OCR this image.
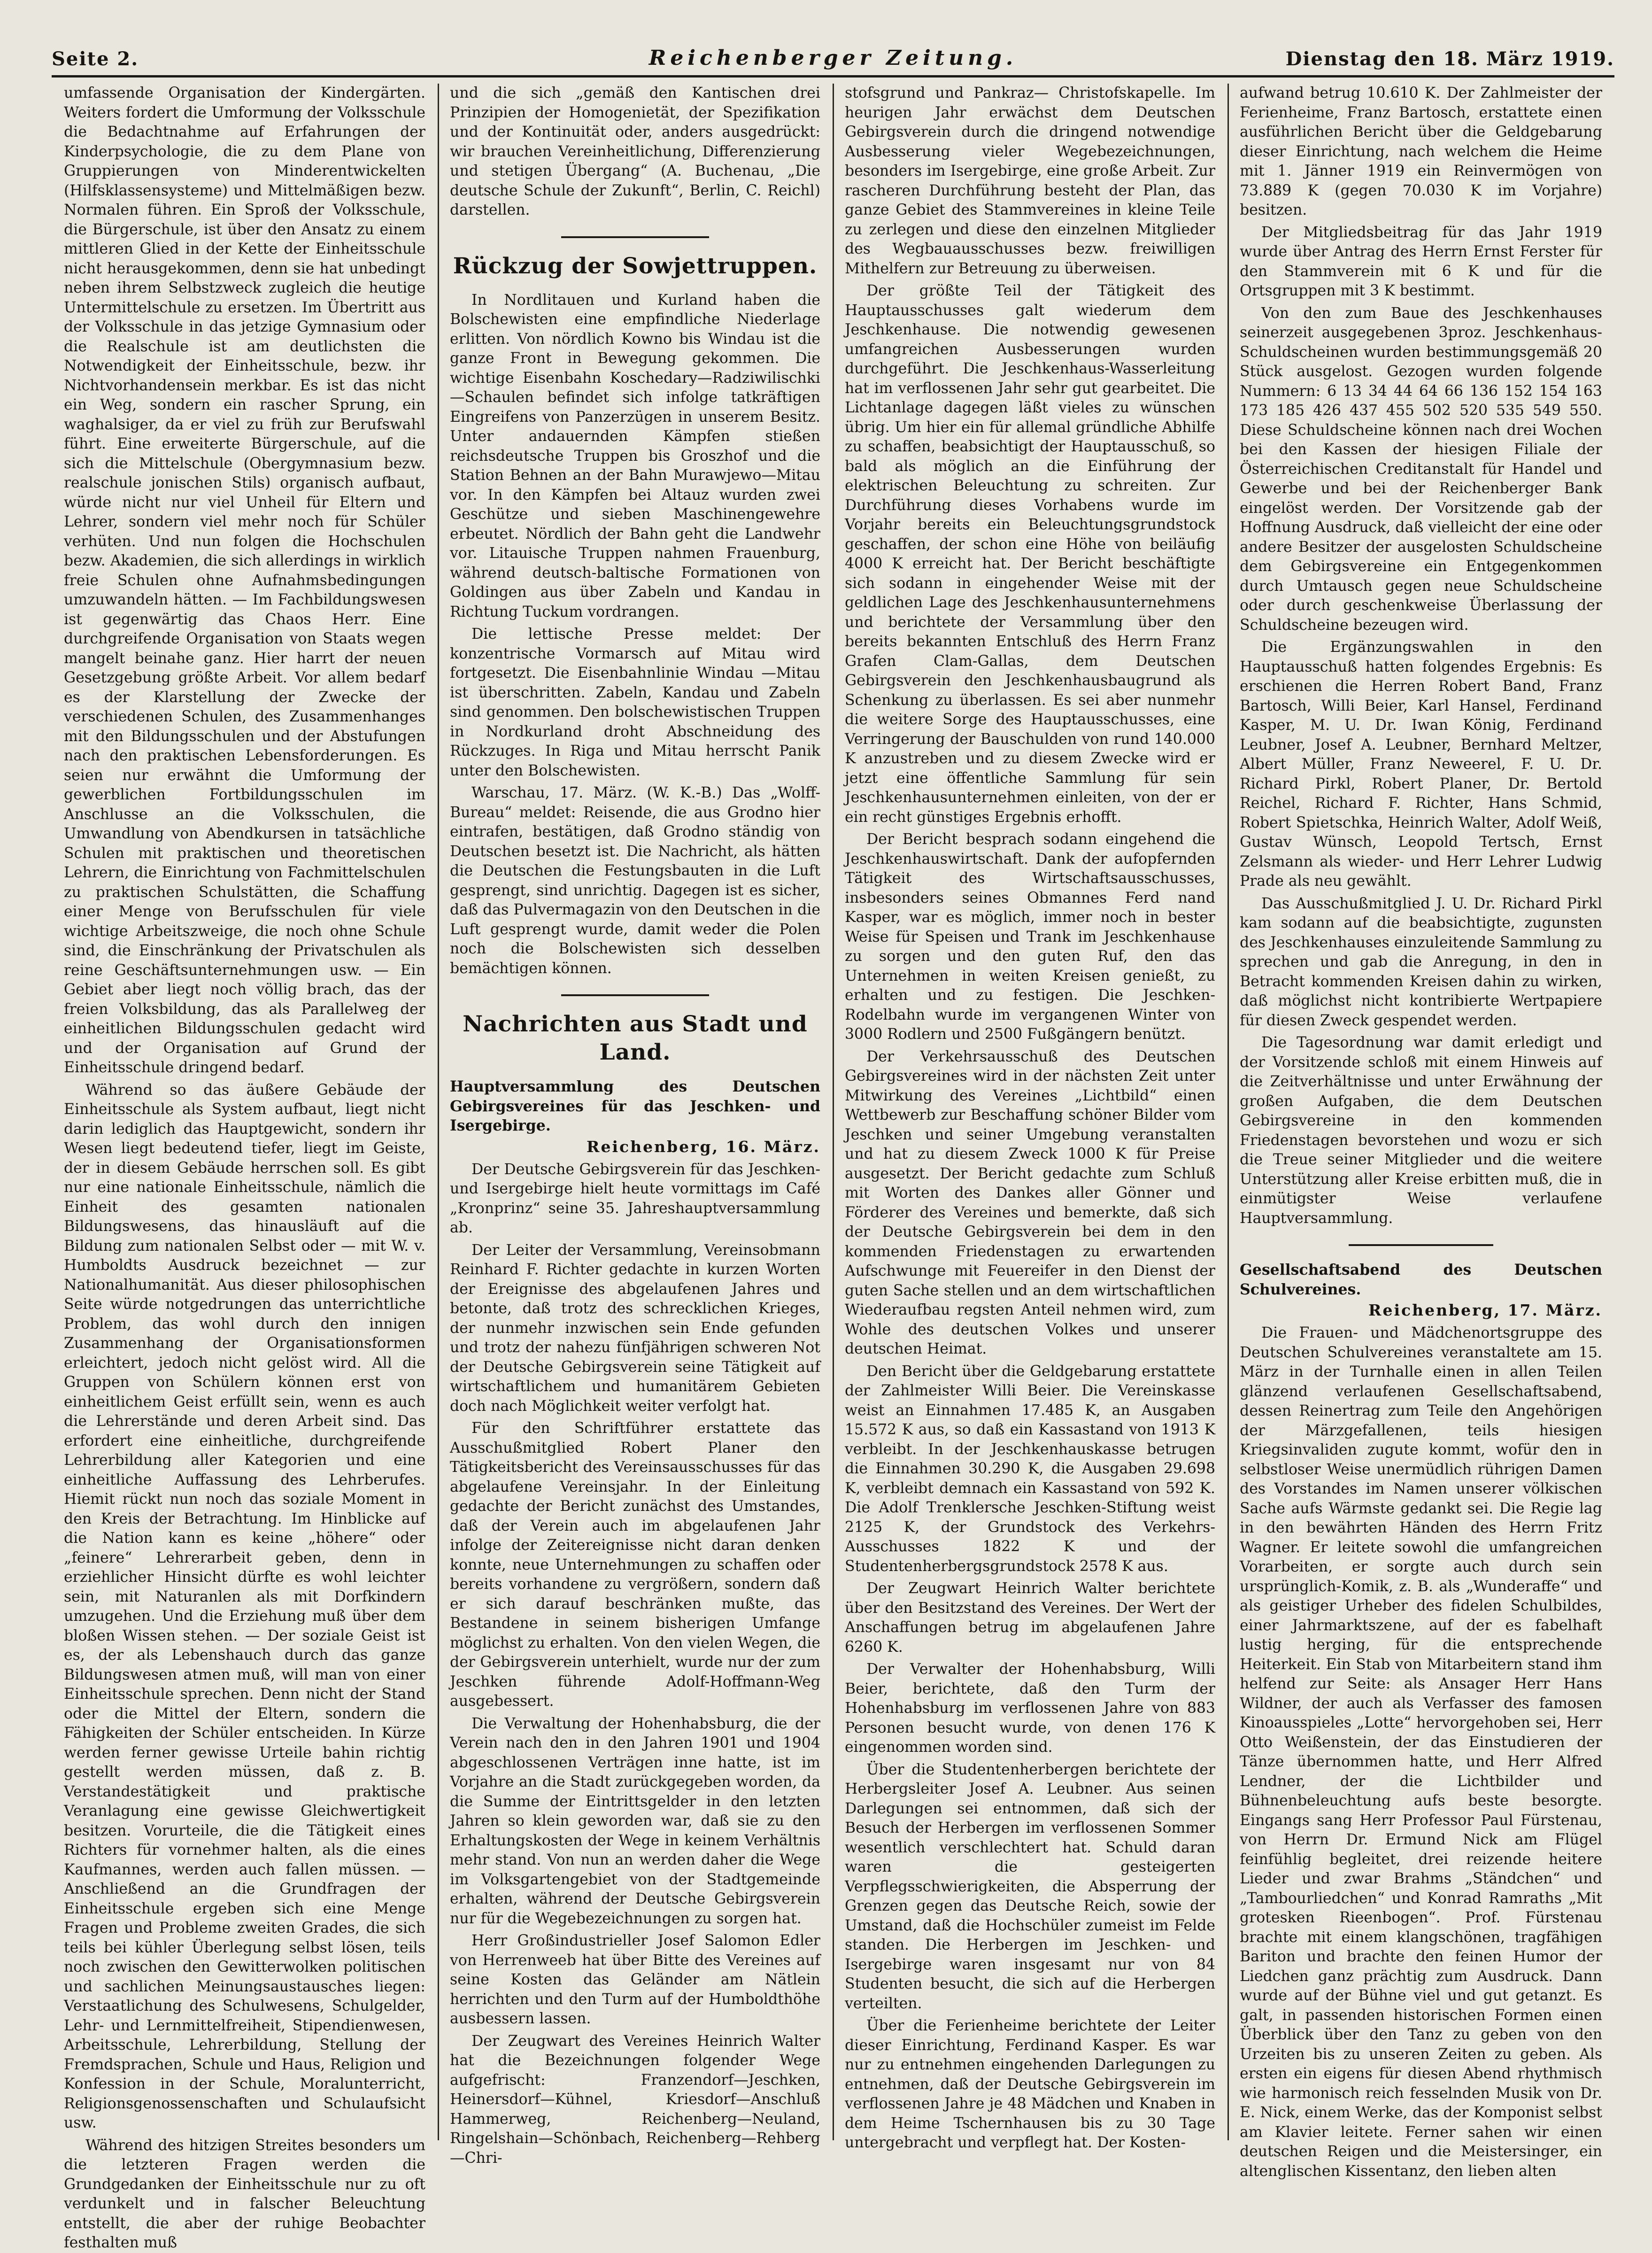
Seite 2.	Reichenberger Zeitung.	Dienstag den 18. März 1919.

umfassende Organisation der Kindergärten. Weiters fordert die Umformung der Volksschule die Bedachtnahme auf Erfahrungen der Kinderpsychologie, die zu dem Plane von Gruppierungen von Minderentwickelten (Hilfsklassensysteme) und Mittelmäßigen bezw. Normalen führen. Ein Sproß der Volksschule, die Bürgerschule, ist über den Ansatz zu einem mittleren Glied in der Kette der Einheitsschule nicht herausgekommen, denn sie hat unbedingt neben ihrem Selbstzweck zugleich die heutige Untermittelschule zu ersetzen. Im Übertritt aus der Volksschule in das jetzige Gymnasium oder die Realschule ist am deutlichsten die Notwendigkeit der Einheitsschule, bezw. ihr Nichtvorhandensein merkbar. Es ist das nicht ein Weg, sondern ein rascher Sprung, ein waghalsiger, da er viel zu früh zur Berufswahl führt. Eine erweiterte Bürgerschule, auf die sich die Mittelschule (Obergymnasium bezw. realschule jonischen Stils) organisch aufbaut, würde nicht nur viel Unheil für Eltern und Lehrer, sondern viel mehr noch für Schüler verhüten. Und nun folgen die Hochschulen bezw. Akademien, die sich allerdings in wirklich freie Schulen ohne Aufnahmsbedingungen umzuwandeln hätten. — Im Fachbildungswesen ist gegenwärtig das Chaos Herr. Eine durchgreifende Organisation von Staats wegen mangelt beinahe ganz. Hier harrt der neuen Gesetzgebung größte Arbeit. Vor allem bedarf es der Klarstellung der Zwecke der verschiedenen Schulen, des Zusammenhanges mit den Bildungsschulen und der Abstufungen nach den praktischen Lebensforderungen. Es seien nur erwähnt die Umformung der gewerblichen Fortbildungsschulen im Anschlusse an die Volksschulen, die Umwandlung von Abendkursen in tatsächliche Schulen mit praktischen und theoretischen Lehrern, die Einrichtung von Fachmittelschulen zu praktischen Schulstätten, die Schaffung einer Menge von Berufsschulen für viele wichtige Arbeitszweige, die noch ohne Schule sind, die Einschränkung der Privatschulen als reine Geschäftsunternehmungen usw. — Ein Gebiet aber liegt noch völlig brach, das der freien Volksbildung, das als Parallelweg der einheitlichen Bildungsschulen gedacht wird und der Organisation auf Grund der Einheitsschule dringend bedarf.

Während so das äußere Gebäude der Einheitsschule als System aufbaut, liegt nicht darin lediglich das Hauptgewicht, sondern ihr Wesen liegt bedeutend tiefer, liegt im Geiste, der in diesem Gebäude herrschen soll. Es gibt nur eine nationale Einheitsschule, nämlich die Einheit des gesamten nationalen Bildungswesens, das hinausläuft auf die Bildung zum nationalen Selbst oder — mit W. v. Humboldts Ausdruck bezeichnet — zur Nationalhumanität. Aus dieser philosophischen Seite würde notgedrungen das unterrichtliche Problem, das wohl durch den innigen Zusammenhang der Organisationsformen erleichtert, jedoch nicht gelöst wird. All die Gruppen von Schülern können erst von einheitlichem Geist erfüllt sein, wenn es auch die Lehrerstände und deren Arbeit sind. Das erfordert eine einheitliche, durchgreifende Lehrerbildung aller Kategorien und eine einheitliche Auffassung des Lehrberufes. Hiemit rückt nun noch das soziale Moment in den Kreis der Betrachtung. Im Hinblicke auf die Nation kann es keine „höhere“ oder „feinere“ Lehrerarbeit geben, denn in erziehlicher Hinsicht dürfte es wohl leichter sein, mit Naturanlen als mit Dorfkindern umzugehen. Und die Erziehung muß über dem bloßen Wissen stehen. — Der soziale Geist ist es, der als Lebenshauch durch das ganze Bildungswesen atmen muß, will man von einer Einheitsschule sprechen. Denn nicht der Stand oder die Mittel der Eltern, sondern die Fähigkeiten der Schüler entscheiden. In Kürze werden ferner gewisse Urteile bahin richtig gestellt werden müssen, daß z. B. Verstandestätigkeit und praktische Veranlagung eine gewisse Gleichwertigkeit besitzen. Vorurteile, die die Tätigkeit eines Richters für vornehmer halten, als die eines Kaufmannes, werden auch fallen müssen. — Anschließend an die Grundfragen der Einheitsschule ergeben sich eine Menge Fragen und Probleme zweiten Grades, die sich teils bei kühler Überlegung selbst lösen, teils noch zwischen den Gewitterwolken politischen und sachlichen Meinungsaustausches liegen: Verstaatlichung des Schulwesens, Schulgelder, Lehr- und Lernmittelfreiheit, Stipendienwesen, Arbeitsschule, Lehrerbildung, Stellung der Fremdsprachen, Schule und Haus, Religion und Konfession in der Schule, Moralunterricht, Religionsgenossenschaften und Schulaufsicht usw.

Während des hitzigen Streites besonders um die letzteren Fragen werden die Grundgedanken der Einheitsschule nur zu oft verdunkelt und in falscher Beleuchtung entstellt, die aber der ruhige Beobachter festhalten muß

und die sich „gemäß den Kantischen drei Prinzipien der Homogenietät, der Spezifikation und der Kontinuität oder, anders ausgedrückt: wir brauchen Vereinheitlichung, Differenzierung und stetigen Übergang“ (A. Buchenau, „Die deutsche Schule der Zukunft“, Berlin, C. Reichl) darstellen.

Rückzug der Sowjettruppen.

In Nordlitauen und Kurland haben die Bolschewisten eine empfindliche Niederlage erlitten. Von nördlich Kowno bis Windau ist die ganze Front in Bewegung gekommen. Die wichtige Eisenbahn Koschedary—Radziwilischki—Schaulen befindet sich infolge tatkräftigen Eingreifens von Panzerzügen in unserem Besitz. Unter andauernden Kämpfen stießen reichsdeutsche Truppen bis Groszhof und die Station Behnen an der Bahn Murawjewo—Mitau vor. In den Kämpfen bei Altauz wurden zwei Geschütze und sieben Maschinengewehre erbeutet. Nördlich der Bahn geht die Landwehr vor. Litauische Truppen nahmen Frauenburg, während deutsch-baltische Formationen von Goldingen aus über Zabeln und Kandau in Richtung Tuckum vordrangen.

Die lettische Presse meldet: Der konzentrische Vormarsch auf Mitau wird fortgesetzt. Die Eisenbahnlinie Windau —Mitau ist überschritten. Zabeln, Kandau und Zabeln sind genommen. Den bolschewistischen Truppen in Nordkurland droht Abschneidung des Rückzuges. In Riga und Mitau herrscht Panik unter den Bolschewisten.

Warschau, 17. März. (W. K.-B.) Das „Wolff-Bureau“ meldet: Reisende, die aus Grodno hier eintrafen, bestätigen, daß Grodno ständig von Deutschen besetzt ist. Die Nachricht, als hätten die Deutschen die Festungsbauten in die Luft gesprengt, sind unrichtig. Dagegen ist es sicher, daß das Pulvermagazin von den Deutschen in die Luft gesprengt wurde, damit weder die Polen noch die Bolschewisten sich desselben bemächtigen können.

Nachrichten aus Stadt und Land.
Hauptversammlung des Deutschen Gebirgsvereines für das Jeschken- und Isergebirge.
Reichenberg, 16. März.

Der Deutsche Gebirgsverein für das Jeschken- und Isergebirge hielt heute vormittags im Café „Kronprinz“ seine 35. Jahreshauptversammlung ab.

Der Leiter der Versammlung, Vereinsobmann Reinhard F. Richter gedachte in kurzen Worten der Ereignisse des abgelaufenen Jahres und betonte, daß trotz des schrecklichen Krieges, der nunmehr inzwischen sein Ende gefunden und trotz der nahezu fünfjährigen schweren Not der Deutsche Gebirgsverein seine Tätigkeit auf wirtschaftlichem und humanitärem Gebieten doch nach Möglichkeit weiter verfolgt hat.

Für den Schriftführer erstattete das Ausschußmitglied Robert Planer den Tätigkeitsbericht des Vereinsausschusses für das abgelaufene Vereinsjahr. In der Einleitung gedachte der Bericht zunächst des Umstandes, daß der Verein auch im abgelaufenen Jahr infolge der Zeitereignisse nicht daran denken konnte, neue Unternehmungen zu schaffen oder bereits vorhandene zu vergrößern, sondern daß er sich darauf beschränken mußte, das Bestandene in seinem bisherigen Umfange möglichst zu erhalten. Von den vielen Wegen, die der Gebirgsverein unterhielt, wurde nur der zum Jeschken führende Adolf-Hoffmann-Weg ausgebessert.

Die Verwaltung der Hohenhabsburg, die der Verein nach den in den Jahren 1901 und 1904 abgeschlossenen Verträgen inne hatte, ist im Vorjahre an die Stadt zurückgegeben worden, da die Summe der Eintrittsgelder in den letzten Jahren so klein geworden war, daß sie zu den Erhaltungskosten der Wege in keinem Verhältnis mehr stand. Von nun an werden daher die Wege im Volksgartengebiet von der Stadtgemeinde erhalten, während der Deutsche Gebirgsverein nur für die Wegebezeichnungen zu sorgen hat.

Herr Großindustrieller Josef Salomon Edler von Herrenweeb hat über Bitte des Vereines auf seine Kosten das Geländer am Nätlein herrichten und den Turm auf der Humboldthöhe ausbessern lassen.

Der Zeugwart des Vereines Heinrich Walter hat die Bezeichnungen folgender Wege aufgefrischt: Franzendorf—Jeschken, Heinersdorf—Kühnel, Kriesdorf—Anschluß Hammerweg, Reichenberg—Neuland, Ringelshain—Schönbach, Reichenberg—Rehberg—Chri-

stofsgrund und Pankraz— Christofskapelle. Im heurigen Jahr erwächst dem Deutschen Gebirgsverein durch die dringend notwendige Ausbesserung vieler Wegebezeichnungen, besonders im Isergebirge, eine große Arbeit. Zur rascheren Durchführung besteht der Plan, das ganze Gebiet des Stammvereines in kleine Teile zu zerlegen und diese den einzelnen Mitglieder des Wegbauausschusses bezw. freiwilligen Mithelfern zur Betreuung zu überweisen.

Der größte Teil der Tätigkeit des Hauptausschusses galt wiederum dem Jeschkenhause. Die notwendig gewesenen umfangreichen Ausbesserungen wurden durchgeführt. Die Jeschkenhaus-Wasserleitung hat im verflossenen Jahr sehr gut gearbeitet. Die Lichtanlage dagegen läßt vieles zu wünschen übrig. Um hier ein für allemal gründliche Abhilfe zu schaffen, beabsichtigt der Hauptausschuß, so bald als möglich an die Einführung der elektrischen Beleuchtung zu schreiten. Zur Durchführung dieses Vorhabens wurde im Vorjahr bereits ein Beleuchtungsgrundstock geschaffen, der schon eine Höhe von beiläufig 4000 K erreicht hat. Der Bericht beschäftigte sich sodann in eingehender Weise mit der geldlichen Lage des Jeschkenhausunternehmens und berichtete der Versammlung über den bereits bekannten Entschluß des Herrn Franz Grafen Clam-Gallas, dem Deutschen Gebirgsverein den Jeschkenhausbaugrund als Schenkung zu überlassen. Es sei aber nunmehr die weitere Sorge des Hauptausschusses, eine Verringerung der Bauschulden von rund 140.000 K anzustreben und zu diesem Zwecke wird er jetzt eine öffentliche Sammlung für sein Jeschkenhausunternehmen einleiten, von der er ein recht günstiges Ergebnis erhofft.

Der Bericht besprach sodann eingehend die Jeschkenhauswirtschaft. Dank der aufopfernden Tätigkeit des Wirtschaftsausschusses, insbesonders seines Obmannes Ferd nand Kasper, war es möglich, immer noch in bester Weise für Speisen und Trank im Jeschkenhause zu sorgen und den guten Ruf, den das Unternehmen in weiten Kreisen genießt, zu erhalten und zu festigen. Die Jeschken-Rodelbahn wurde im vergangenen Winter von 3000 Rodlern und 2500 Fußgängern benützt.

Der Verkehrsausschuß des Deutschen Gebirgsvereines wird in der nächsten Zeit unter Mitwirkung des Vereines „Lichtbild“ einen Wettbewerb zur Beschaffung schöner Bilder vom Jeschken und seiner Umgebung veranstalten und hat zu diesem Zweck 1000 K für Preise ausgesetzt. Der Bericht gedachte zum Schluß mit Worten des Dankes aller Gönner und Förderer des Vereines und bemerkte, daß sich der Deutsche Gebirgsverein bei dem in den kommenden Friedenstagen zu erwartenden Aufschwunge mit Feuereifer in den Dienst der guten Sache stellen und an dem wirtschaftlichen Wiederaufbau regsten Anteil nehmen wird, zum Wohle des deutschen Volkes und unserer deutschen Heimat.

Den Bericht über die Geldgebarung erstattete der Zahlmeister Willi Beier. Die Vereinskasse weist an Einnahmen 17.485 K, an Ausgaben 15.572 K aus, so daß ein Kassastand von 1913 K verbleibt. In der Jeschkenhauskasse betrugen die Einnahmen 30.290 K, die Ausgaben 29.698 K, verbleibt demnach ein Kassastand von 592 K. Die Adolf Trenklersche Jeschken-Stiftung weist 2125 K, der Grundstock des Verkehrs-Ausschusses 1822 K und der Studentenherbergsgrundstock 2578 K aus.

Der Zeugwart Heinrich Walter berichtete über den Besitzstand des Vereines. Der Wert der Anschaffungen betrug im abgelaufenen Jahre 6260 K.

Der Verwalter der Hohenhabsburg, Willi Beier, berichtete, daß den Turm der Hohenhabsburg im verflossenen Jahre von 883 Personen besucht wurde, von denen 176 K eingenommen worden sind.

Über die Studentenherbergen berichtete der Herbergsleiter Josef A. Leubner. Aus seinen Darlegungen sei entnommen, daß sich der Besuch der Herbergen im verflossenen Sommer wesentlich verschlechtert hat. Schuld daran waren die gesteigerten Verpflegsschwierigkeiten, die Absperrung der Grenzen gegen das Deutsche Reich, sowie der Umstand, daß die Hochschüler zumeist im Felde standen. Die Herbergen im Jeschken- und Isergebirge waren insgesamt nur von 84 Studenten besucht, die sich auf die Herbergen verteilten.

Über die Ferienheime berichtete der Leiter dieser Einrichtung, Ferdinand Kasper. Es war nur zu entnehmen eingehenden Darlegungen zu entnehmen, daß der Deutsche Gebirgsverein im verflossenen Jahre je 48 Mädchen und Knaben in dem Heime Tschernhausen bis zu 30 Tage untergebracht und verpflegt hat. Der Kosten-

aufwand betrug 10.610 K. Der Zahlmeister der Ferienheime, Franz Bartosch, erstattete einen ausführlichen Bericht über die Geldgebarung dieser Einrichtung, nach welchem die Heime mit 1. Jänner 1919 ein Reinvermögen von 73.889 K (gegen 70.030 K im Vorjahre) besitzen.

Der Mitgliedsbeitrag für das Jahr 1919 wurde über Antrag des Herrn Ernst Ferster für den Stammverein mit 6 K und für die Ortsgruppen mit 3 K bestimmt.

Von den zum Baue des Jeschkenhauses seinerzeit ausgegebenen 3proz. Jeschkenhaus-Schuldscheinen wurden bestimmungsgemäß 20 Stück ausgelost. Gezogen wurden folgende Nummern: 6 13 34 44 64 66 136 152 154 163 173 185 426 437 455 502 520 535 549 550. Diese Schuldscheine können nach drei Wochen bei den Kassen der hiesigen Filiale der Österreichischen Creditanstalt für Handel und Gewerbe und bei der Reichenberger Bank eingelöst werden. Der Vorsitzende gab der Hoffnung Ausdruck, daß vielleicht der eine oder andere Besitzer der ausgelosten Schuldscheine dem Gebirgsvereine ein Entgegenkommen durch Umtausch gegen neue Schuldscheine oder durch geschenkweise Überlassung der Schuldscheine bezeugen wird.

Die Ergänzungswahlen in den Hauptausschuß hatten folgendes Ergebnis: Es erschienen die Herren Robert Band, Franz Bartosch, Willi Beier, Karl Hansel, Ferdinand Kasper, M. U. Dr. Iwan König, Ferdinand Leubner, Josef A. Leubner, Bernhard Meltzer, Albert Müller, Franz Neweerel, F. U. Dr. Richard Pirkl, Robert Planer, Dr. Bertold Reichel, Richard F. Richter, Hans Schmid, Robert Spietschka, Heinrich Walter, Adolf Weiß, Gustav Wünsch, Leopold Tertsch, Ernst Zelsmann als wieder- und Herr Lehrer Ludwig Prade als neu gewählt.

Das Ausschußmitglied J. U. Dr. Richard Pirkl kam sodann auf die beabsichtigte, zugunsten des Jeschkenhauses einzuleitende Sammlung zu sprechen und gab die Anregung, in den in Betracht kommenden Kreisen dahin zu wirken, daß möglichst nicht kontribierte Wertpapiere für diesen Zweck gespendet werden.

Die Tagesordnung war damit erledigt und der Vorsitzende schloß mit einem Hinweis auf die Zeitverhältnisse und unter Erwähnung der großen Aufgaben, die dem Deutschen Gebirgsvereine in den kommenden Friedenstagen bevorstehen und wozu er sich die Treue seiner Mitglieder und die weitere Unterstützung aller Kreise erbitten muß, die in einmütigster Weise verlaufene Hauptversammlung.

Gesellschaftsabend des Deutschen Schulvereines.
Reichenberg, 17. März.

Die Frauen- und Mädchenortsgruppe des Deutschen Schulvereines veranstaltete am 15. März in der Turnhalle einen in allen Teilen glänzend verlaufenen Gesellschaftsabend, dessen Reinertrag zum Teile den Angehörigen der Märzgefallenen, teils hiesigen Kriegsinvaliden zugute kommt, wofür den in selbstloser Weise unermüdlich rührigen Damen des Vorstandes im Namen unserer völkischen Sache aufs Wärmste gedankt sei. Die Regie lag in den bewährten Händen des Herrn Fritz Wagner. Er leitete sowohl die umfangreichen Vorarbeiten, er sorgte auch durch sein ursprünglich-Komik, z. B. als „Wunderaffe“ und als geistiger Urheber des fidelen Schulbildes, einer Jahrmarktszene, auf der es fabelhaft lustig herging, für die entsprechende Heiterkeit. Ein Stab von Mitarbeitern stand ihm helfend zur Seite: als Ansager Herr Hans Wildner, der auch als Verfasser des famosen Kinoausspieles „Lotte“ hervorgehoben sei, Herr Otto Weißenstein, der das Einstudieren der Tänze übernommen hatte, und Herr Alfred Lendner, der die Lichtbilder und Bühnenbeleuchtung aufs beste besorgte. Eingangs sang Herr Professor Paul Fürstenau, von Herrn Dr. Ermund Nick am Flügel feinfühlig begleitet, drei reizende heitere Lieder und zwar Brahms „Ständchen“ und „Tambourliedchen“ und Konrad Ramraths „Mit grotesken Rieenbogen“. Prof. Fürstenau brachte mit einem klangschönen, tragfähigen Bariton und brachte den feinen Humor der Liedchen ganz prächtig zum Ausdruck. Dann wurde auf der Bühne viel und gut getanzt. Es galt, in passenden historischen Formen einen Überblick über den Tanz zu geben von den Urzeiten bis zu unseren Zeiten zu geben. Als ersten ein eigens für diesen Abend rhythmisch wie harmonisch reich fesselnden Musik von Dr. E. Nick, einem Werke, das der Komponist selbst am Klavier leitete. Ferner sahen wir einen deutschen Reigen und die Meistersinger, ein altenglischen Kissentanz, den lieben alten
